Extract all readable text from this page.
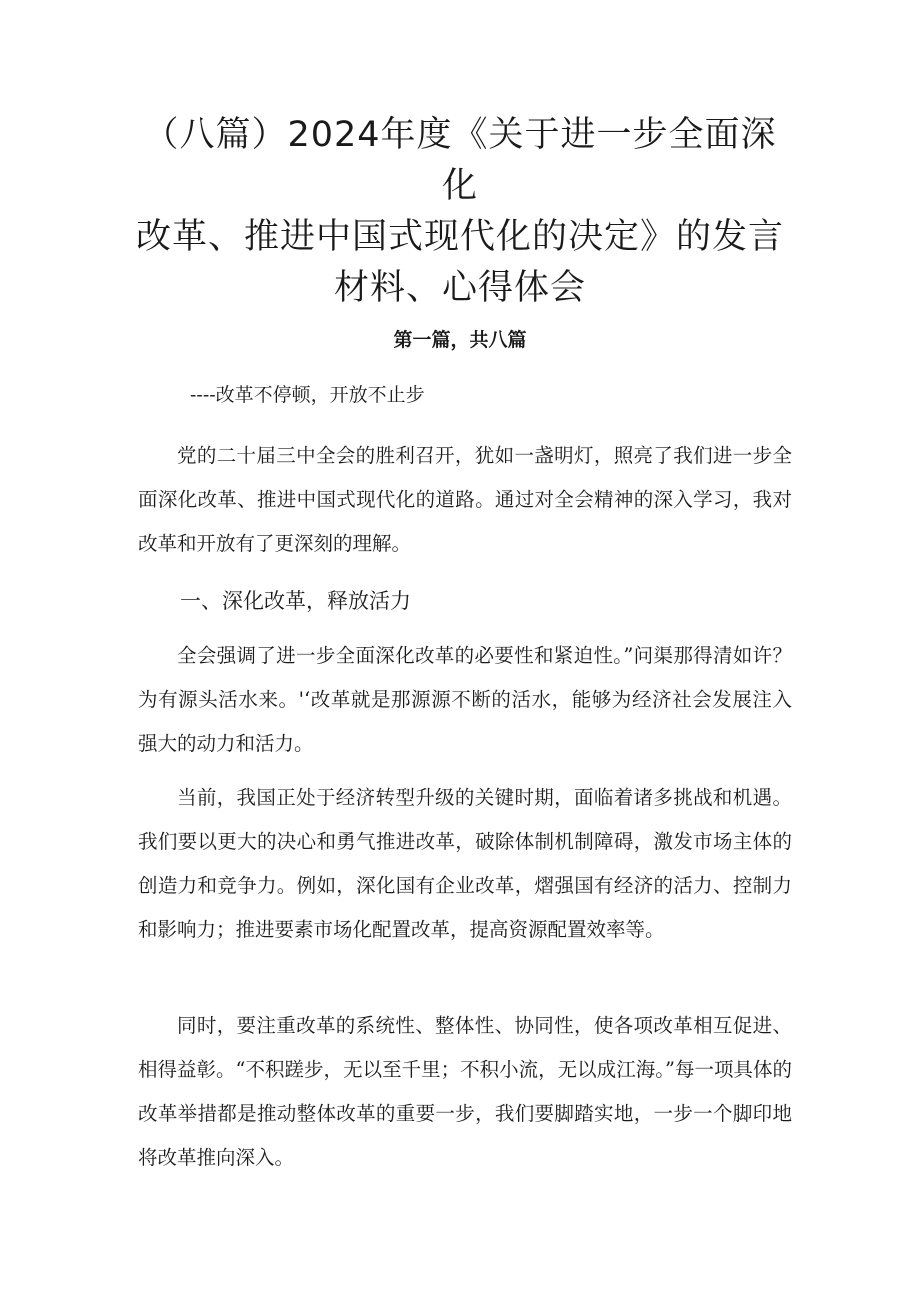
（八篇）2024年度《关于进一步全面深化
改革、推进中国式现代化的决定》的发言
材料、心得体会

第一篇，共八篇

----改革不停顿，开放不止步

党的二十届三中全会的胜利召开，犹如一盏明灯，照亮了我们进一步全面深化改革、推进中国式现代化的道路。通过对全会精神的深入学习，我对改革和开放有了更深刻的理解。

一、深化改革，释放活力

全会强调了进一步全面深化改革的必要性和紧迫性。”问渠那得清如许？为有源头活水来。'‘改革就是那源源不断的活水，能够为经济社会发展注入强大的动力和活力。

当前，我国正处于经济转型升级的关键时期，面临着诸多挑战和机遇。我们要以更大的决心和勇气推进改革，破除体制机制障碍，激发市场主体的创造力和竞争力。例如，深化国有企业改革，熠强国有经济的活力、控制力和影响力；推进要素市场化配置改革，提高资源配置效率等。

同时，要注重改革的系统性、整体性、协同性，使各项改革相互促进、相得益彰。“不积蹉步，无以至千里；不积小流，无以成江海。”每一项具体的改革举措都是推动整体改革的重要一步，我们要脚踏实地，一步一个脚印地将改革推向深入。
